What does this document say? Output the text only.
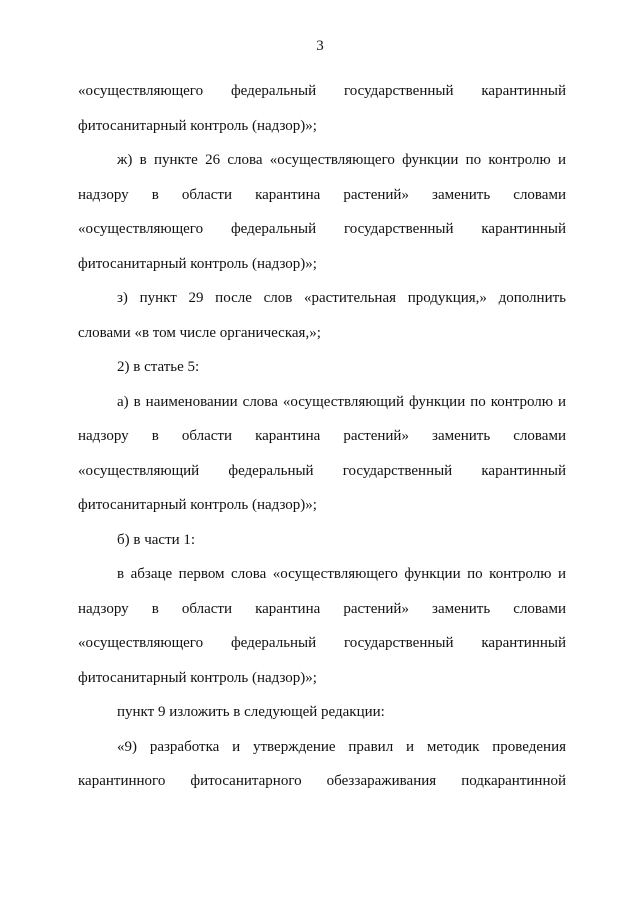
3
«осуществляющего федеральный государственный карантинный
фитосанитарный контроль (надзор)»;
ж) в пункте 26 слова «осуществляющего функции по контролю и
надзору в области карантина растений» заменить словами
«осуществляющего федеральный государственный карантинный
фитосанитарный контроль (надзор)»;
з) пункт 29 после слов «растительная продукция,» дополнить
словами «в том числе органическая,»;
2) в статье 5:
а) в наименовании слова «осуществляющий функции по контролю и
надзору в области карантина растений» заменить словами
«осуществляющий федеральный государственный карантинный
фитосанитарный контроль (надзор)»;
б) в части 1:
в абзаце первом слова «осуществляющего функции по контролю и
надзору в области карантина растений» заменить словами
«осуществляющего федеральный государственный карантинный
фитосанитарный контроль (надзор)»;
пункт 9 изложить в следующей редакции:
«9) разработка и утверждение правил и методик проведения
карантинного фитосанитарного обеззараживания подкарантинной
